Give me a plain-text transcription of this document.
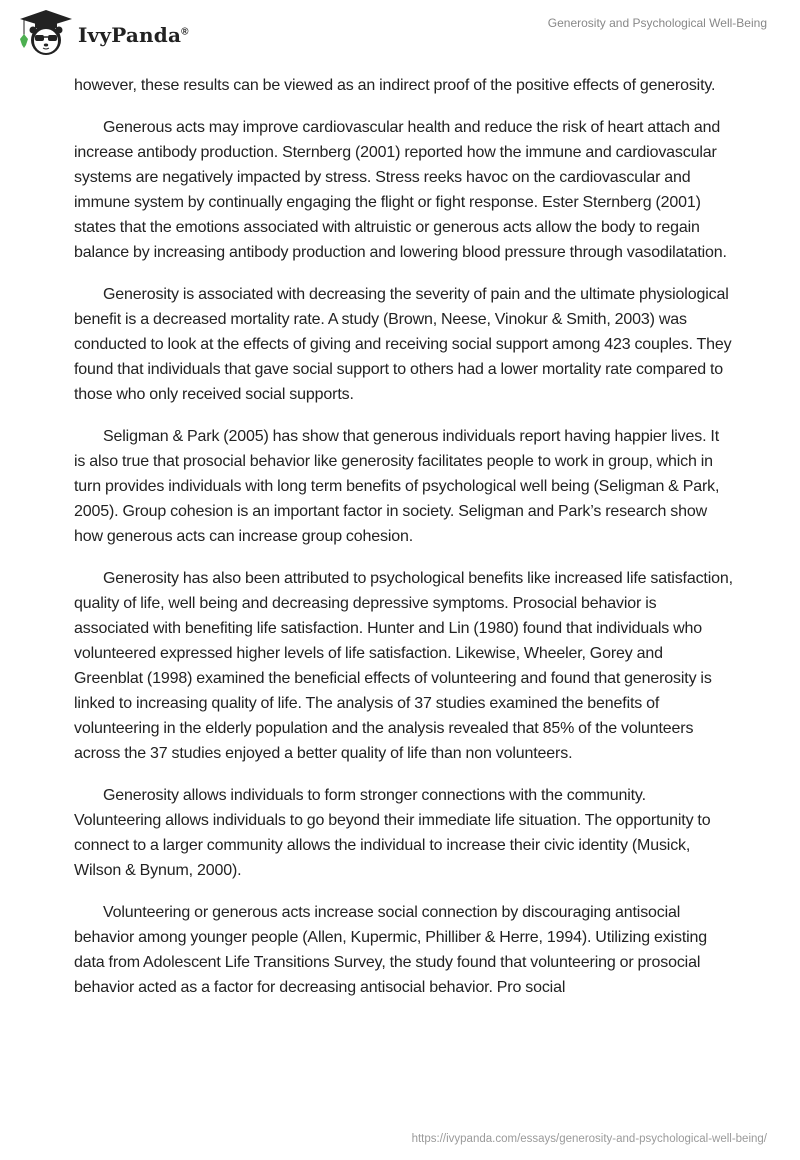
IvyPanda®
Generosity and Psychological Well-Being

however, these results can be viewed as an indirect proof of the positive effects of generosity.

Generous acts may improve cardiovascular health and reduce the risk of heart attach and increase antibody production. Sternberg (2001) reported how the immune and cardiovascular systems are negatively impacted by stress. Stress reeks havoc on the cardiovascular and immune system by continually engaging the flight or fight response. Ester Sternberg (2001) states that the emotions associated with altruistic or generous acts allow the body to regain balance by increasing antibody production and lowering blood pressure through vasodilatation.

Generosity is associated with decreasing the severity of pain and the ultimate physiological benefit is a decreased mortality rate. A study (Brown, Neese, Vinokur & Smith, 2003) was conducted to look at the effects of giving and receiving social support among 423 couples. They found that individuals that gave social support to others had a lower mortality rate compared to those who only received social supports.

Seligman & Park (2005) has show that generous individuals report having happier lives. It is also true that prosocial behavior like generosity facilitates people to work in group, which in turn provides individuals with long term benefits of psychological well being (Seligman & Park, 2005). Group cohesion is an important factor in society. Seligman and Park’s research show how generous acts can increase group cohesion.

Generosity has also been attributed to psychological benefits like increased life satisfaction, quality of life, well being and decreasing depressive symptoms. Prosocial behavior is associated with benefiting life satisfaction. Hunter and Lin (1980) found that individuals who volunteered expressed higher levels of life satisfaction. Likewise, Wheeler, Gorey and Greenblat (1998) examined the beneficial effects of volunteering and found that generosity is linked to increasing quality of life. The analysis of 37 studies examined the benefits of volunteering in the elderly population and the analysis revealed that 85% of the volunteers across the 37 studies enjoyed a better quality of life than non volunteers.

Generosity allows individuals to form stronger connections with the community. Volunteering allows individuals to go beyond their immediate life situation. The opportunity to connect to a larger community allows the individual to increase their civic identity (Musick, Wilson & Bynum, 2000).

Volunteering or generous acts increase social connection by discouraging antisocial behavior among younger people (Allen, Kupermic, Philliber & Herre, 1994). Utilizing existing data from Adolescent Life Transitions Survey, the study found that volunteering or prosocial behavior acted as a factor for decreasing antisocial behavior. Pro social

https://ivypanda.com/essays/generosity-and-psychological-well-being/
